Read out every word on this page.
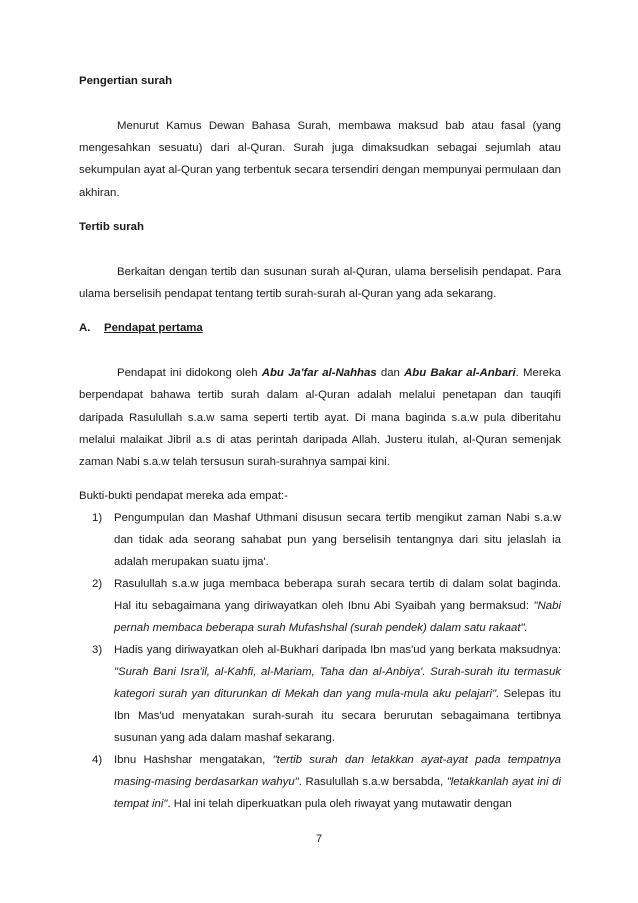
Pengertian surah

Menurut Kamus Dewan Bahasa Surah, membawa maksud bab atau fasal (yang mengesahkan sesuatu) dari al-Quran. Surah juga dimaksudkan sebagai sejumlah atau sekumpulan ayat al-Quran yang terbentuk secara tersendiri dengan mempunyai permulaan dan akhiran.

Tertib surah

Berkaitan dengan tertib dan susunan surah al-Quran, ulama berselisih pendapat. Para ulama berselisih pendapat tentang tertib surah-surah al-Quran yang ada sekarang.

A.	Pendapat pertama

Pendapat ini didokong oleh Abu Ja'far al-Nahhas dan Abu Bakar al-Anbari. Mereka berpendapat bahawa tertib surah dalam al-Quran adalah melalui penetapan dan tauqifi daripada Rasulullah s.a.w sama seperti tertib ayat. Di mana baginda s.a.w pula diberitahu melalui malaikat Jibril a.s di atas perintah daripada Allah. Justeru itulah, al-Quran semenjak zaman Nabi s.a.w telah tersusun surah-surahnya sampai kini.

Bukti-bukti pendapat mereka ada empat:-

1)	Pengumpulan dan Mashaf Uthmani disusun secara tertib mengikut zaman Nabi s.a.w dan tidak ada seorang sahabat pun yang berselisih tentangnya dari situ jelaslah ia adalah merupakan suatu ijma'.
2)	Rasulullah s.a.w juga membaca beberapa surah secara tertib di dalam solat baginda. Hal itu sebagaimana yang diriwayatkan oleh Ibnu Abi Syaibah yang bermaksud: "Nabi pernah membaca beberapa surah Mufashshal (surah pendek) dalam satu rakaat".
3)	Hadis yang diriwayatkan oleh al-Bukhari daripada Ibn mas'ud yang berkata maksudnya: "Surah Bani Isra'il, al-Kahfi, al-Mariam, Taha dan al-Anbiya'. Surah-surah itu termasuk kategori surah yan diturunkan di Mekah dan yang mula-mula aku pelajari". Selepas itu Ibn Mas'ud menyatakan surah-surah itu secara berurutan sebagaimana tertibnya susunan yang ada dalam mashaf sekarang.
4)	Ibnu Hashshar mengatakan, "tertib surah dan letakkan ayat-ayat pada tempatnya masing-masing berdasarkan wahyu". Rasulullah s.a.w bersabda, "letakkanlah ayat ini di tempat ini". Hal ini telah diperkuatkan pula oleh riwayat yang mutawatir dengan
7
